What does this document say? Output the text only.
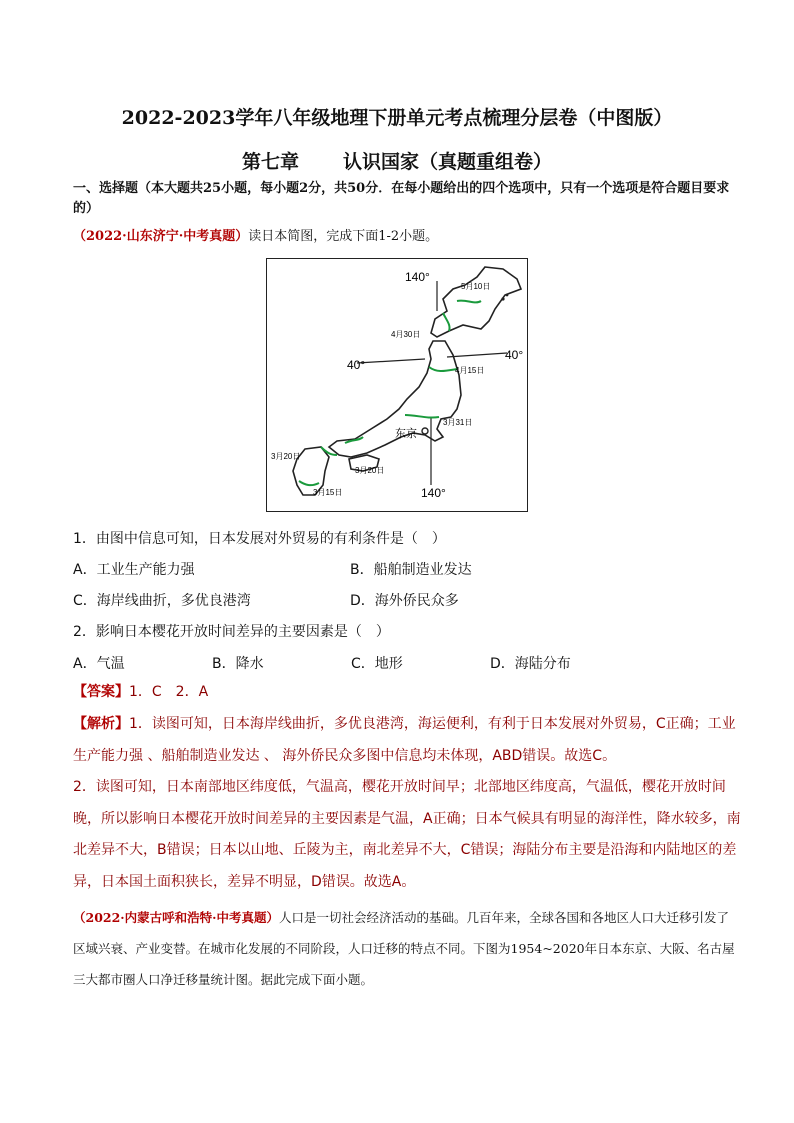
2022-2023学年八年级地理下册单元考点梳理分层卷（中图版）
第七章 认识国家（真题重组卷）
一、选择题（本大题共25小题，每小题2分，共50分．在每小题给出的四个选项中，只有一个选项是符合题目要求的）
（2022·山东济宁·中考真题）读日本简图，完成下面1-2小题。
140°
140°
40°
40°
5月10日
4月30日
4月15日
3月31日
3月20日
3月20日
3月15日
东京
1．由图中信息可知，日本发展对外贸易的有利条件是（　）
A．工业生产能力强	B．船舶制造业发达
C．海岸线曲折，多优良港湾	D．海外侨民众多
2．影响日本樱花开放时间差异的主要因素是（　）
A．气温	B．降水	C．地形	D．海陆分布
【答案】1．C　2．A
【解析】1．读图可知，日本海岸线曲折，多优良港湾，海运便利，有利于日本发展对外贸易，C正确；工业生产能力强 、船舶制造业发达 、 海外侨民众多图中信息均未体现，ABD错误。故选C。
2．读图可知，日本南部地区纬度低，气温高，樱花开放时间早；北部地区纬度高，气温低，樱花开放时间晚，所以影响日本樱花开放时间差异的主要因素是气温，A正确；日本气候具有明显的海洋性，降水较多，南北差异不大，B错误；日本以山地、丘陵为主，南北差异不大，C错误；海陆分布主要是沿海和内陆地区的差异，日本国土面积狭长，差异不明显，D错误。故选A。
（2022·内蒙古呼和浩特·中考真题）人口是一切社会经济活动的基础。几百年来，全球各国和各地区人口大迁移引发了区域兴衰、产业变替。在城市化发展的不同阶段，人口迁移的特点不同。下图为1954~2020年日本东京、大阪、名古屋三大都市圈人口净迁移量统计图。据此完成下面小题。
